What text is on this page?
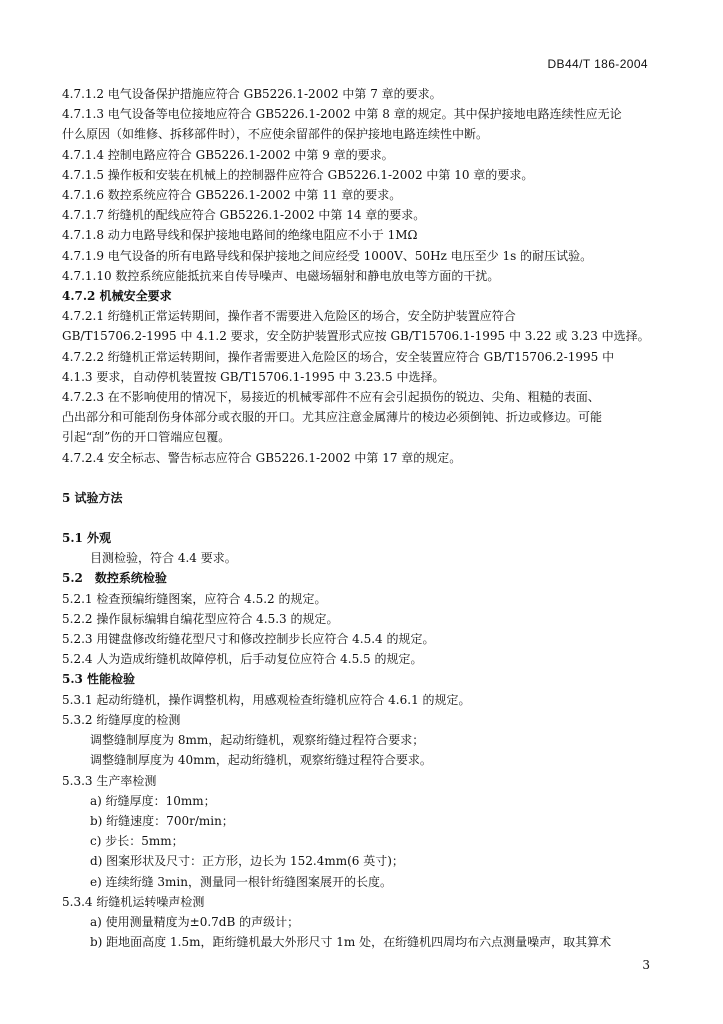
DB44/T 186-2004
4.7.1.2 电气设备保护措施应符合 GB5226.1-2002 中第 7 章的要求。
4.7.1.3 电气设备等电位接地应符合 GB5226.1-2002 中第 8 章的规定。其中保护接地电路连续性应无论
什么原因（如维修、拆移部件时），不应使余留部件的保护接地电路连续性中断。
4.7.1.4 控制电路应符合 GB5226.1-2002 中第 9 章的要求。
4.7.1.5 操作板和安装在机械上的控制器件应符合 GB5226.1-2002 中第 10 章的要求。
4.7.1.6 数控系统应符合 GB5226.1-2002 中第 11 章的要求。
4.7.1.7 绗缝机的配线应符合 GB5226.1-2002 中第 14 章的要求。
4.7.1.8 动力电路导线和保护接地电路间的绝缘电阻应不小于 1MΩ
4.7.1.9 电气设备的所有电路导线和保护接地之间应经受 1000V、50Hz 电压至少 1s 的耐压试验。
4.7.1.10 数控系统应能抵抗来自传导噪声、电磁场辐射和静电放电等方面的干扰。
4.7.2 机械安全要求
4.7.2.1 绗缝机正常运转期间，操作者不需要进入危险区的场合，安全防护装置应符合
GB/T15706.2-1995 中 4.1.2 要求，安全防护装置形式应按 GB/T15706.1-1995 中 3.22 或 3.23 中选择。
4.7.2.2 绗缝机正常运转期间，操作者需要进入危险区的场合，安全装置应符合 GB/T15706.2-1995 中
4.1.3 要求，自动停机装置按 GB/T15706.1-1995 中 3.23.5 中选择。
4.7.2.3 在不影响使用的情况下，易接近的机械零部件不应有会引起损伤的锐边、尖角、粗糙的表面、
凸出部分和可能刮伤身体部分或衣服的开口。尤其应注意金属薄片的棱边必须倒钝、折边或修边。可能
引起“刮”伤的开口管端应包覆。
4.7.2.4 安全标志、警告标志应符合 GB5226.1-2002 中第 17 章的规定。
5 试验方法
5.1 外观
目测检验，符合 4.4 要求。
5.2　数控系统检验
5.2.1 检查预编绗缝图案，应符合 4.5.2 的规定。
5.2.2 操作鼠标编辑自编花型应符合 4.5.3 的规定。
5.2.3 用键盘修改绗缝花型尺寸和修改控制步长应符合 4.5.4 的规定。
5.2.4 人为造成绗缝机故障停机，后手动复位应符合 4.5.5 的规定。
5.3 性能检验
5.3.1 起动绗缝机，操作调整机构，用感观检查绗缝机应符合 4.6.1 的规定。
5.3.2 绗缝厚度的检测
调整缝制厚度为 8mm，起动绗缝机，观察绗缝过程符合要求；
调整缝制厚度为 40mm，起动绗缝机，观察绗缝过程符合要求。
5.3.3 生产率检测
a) 绗缝厚度：10mm；
b) 绗缝速度：700r/min；
c) 步长：5mm；
d) 图案形状及尺寸：正方形，边长为 152.4mm(6 英寸)；
e) 连续绗缝 3min，测量同一根针绗缝图案展开的长度。
5.3.4 绗缝机运转噪声检测
a) 使用测量精度为±0.7dB 的声级计；
b) 距地面高度 1.5m，距绗缝机最大外形尺寸 1m 处，在绗缝机四周均布六点测量噪声，取其算术
3
